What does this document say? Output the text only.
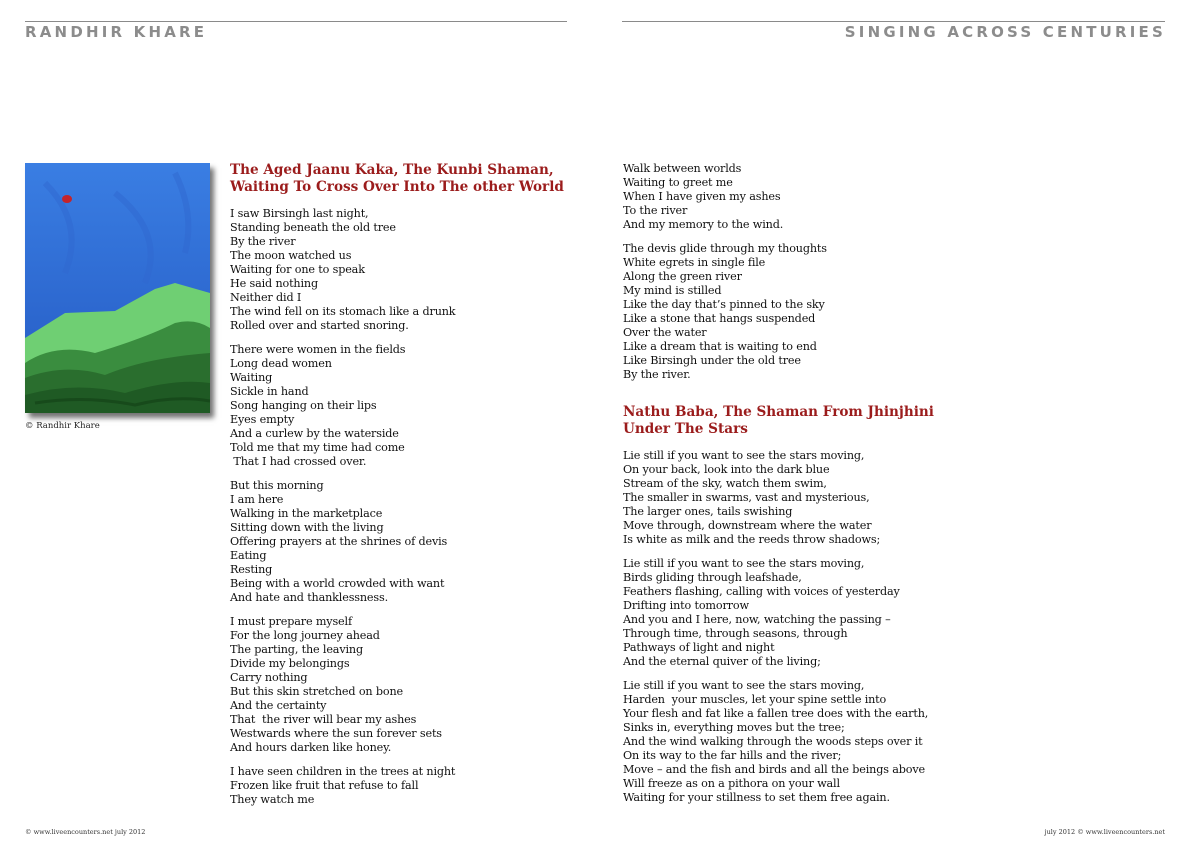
RANDHIR KHARE	SINGING ACROSS CENTURIES
© Randhir Khare
The Aged Jaanu Kaka, The Kunbi Shaman,
Waiting To Cross Over Into The other World
I saw Birsingh last night,
Standing beneath the old tree
By the river
The moon watched us
Waiting for one to speak
He said nothing
Neither did I
The wind fell on its stomach like a drunk
Rolled over and started snoring.
There were women in the fields
Long dead women
Waiting
Sickle in hand
Song hanging on their lips
Eyes empty
And a curlew by the waterside
Told me that my time had come
That I had crossed over.
But this morning
I am here
Walking in the marketplace
Sitting down with the living
Offering prayers at the shrines of devis
Eating
Resting
Being with a world crowded with want
And hate and thanklessness.
I must prepare myself
For the long journey ahead
The parting, the leaving
Divide my belongings
Carry nothing
But this skin stretched on bone
And the certainty
That  the river will bear my ashes
Westwards where the sun forever sets
And hours darken like honey.
I have seen children in the trees at night
Frozen like fruit that refuse to fall
They watch me
Walk between worlds
Waiting to greet me
When I have given my ashes
To the river
And my memory to the wind.
The devis glide through my thoughts
White egrets in single file
Along the green river
My mind is stilled
Like the day that’s pinned to the sky
Like a stone that hangs suspended
Over the water
Like a dream that is waiting to end
Like Birsingh under the old tree
By the river.
Nathu Baba, The Shaman From Jhinjhini
Under The Stars
Lie still if you want to see the stars moving,
On your back, look into the dark blue
Stream of the sky, watch them swim,
The smaller in swarms, vast and mysterious,
The larger ones, tails swishing
Move through, downstream where the water
Is white as milk and the reeds throw shadows;
Lie still if you want to see the stars moving,
Birds gliding through leafshade,
Feathers flashing, calling with voices of yesterday
Drifting into tomorrow
And you and I here, now, watching the passing –
Through time, through seasons, through
Pathways of light and night
And the eternal quiver of the living;
Lie still if you want to see the stars moving,
Harden  your muscles, let your spine settle into
Your flesh and fat like a fallen tree does with the earth,
Sinks in, everything moves but the tree;
And the wind walking through the woods steps over it
On its way to the far hills and the river;
Move – and the fish and birds and all the beings above
Will freeze as on a pithora on your wall
Waiting for your stillness to set them free again.
© www.liveencounters.net july 2012	july 2012 © www.liveencounters.net
